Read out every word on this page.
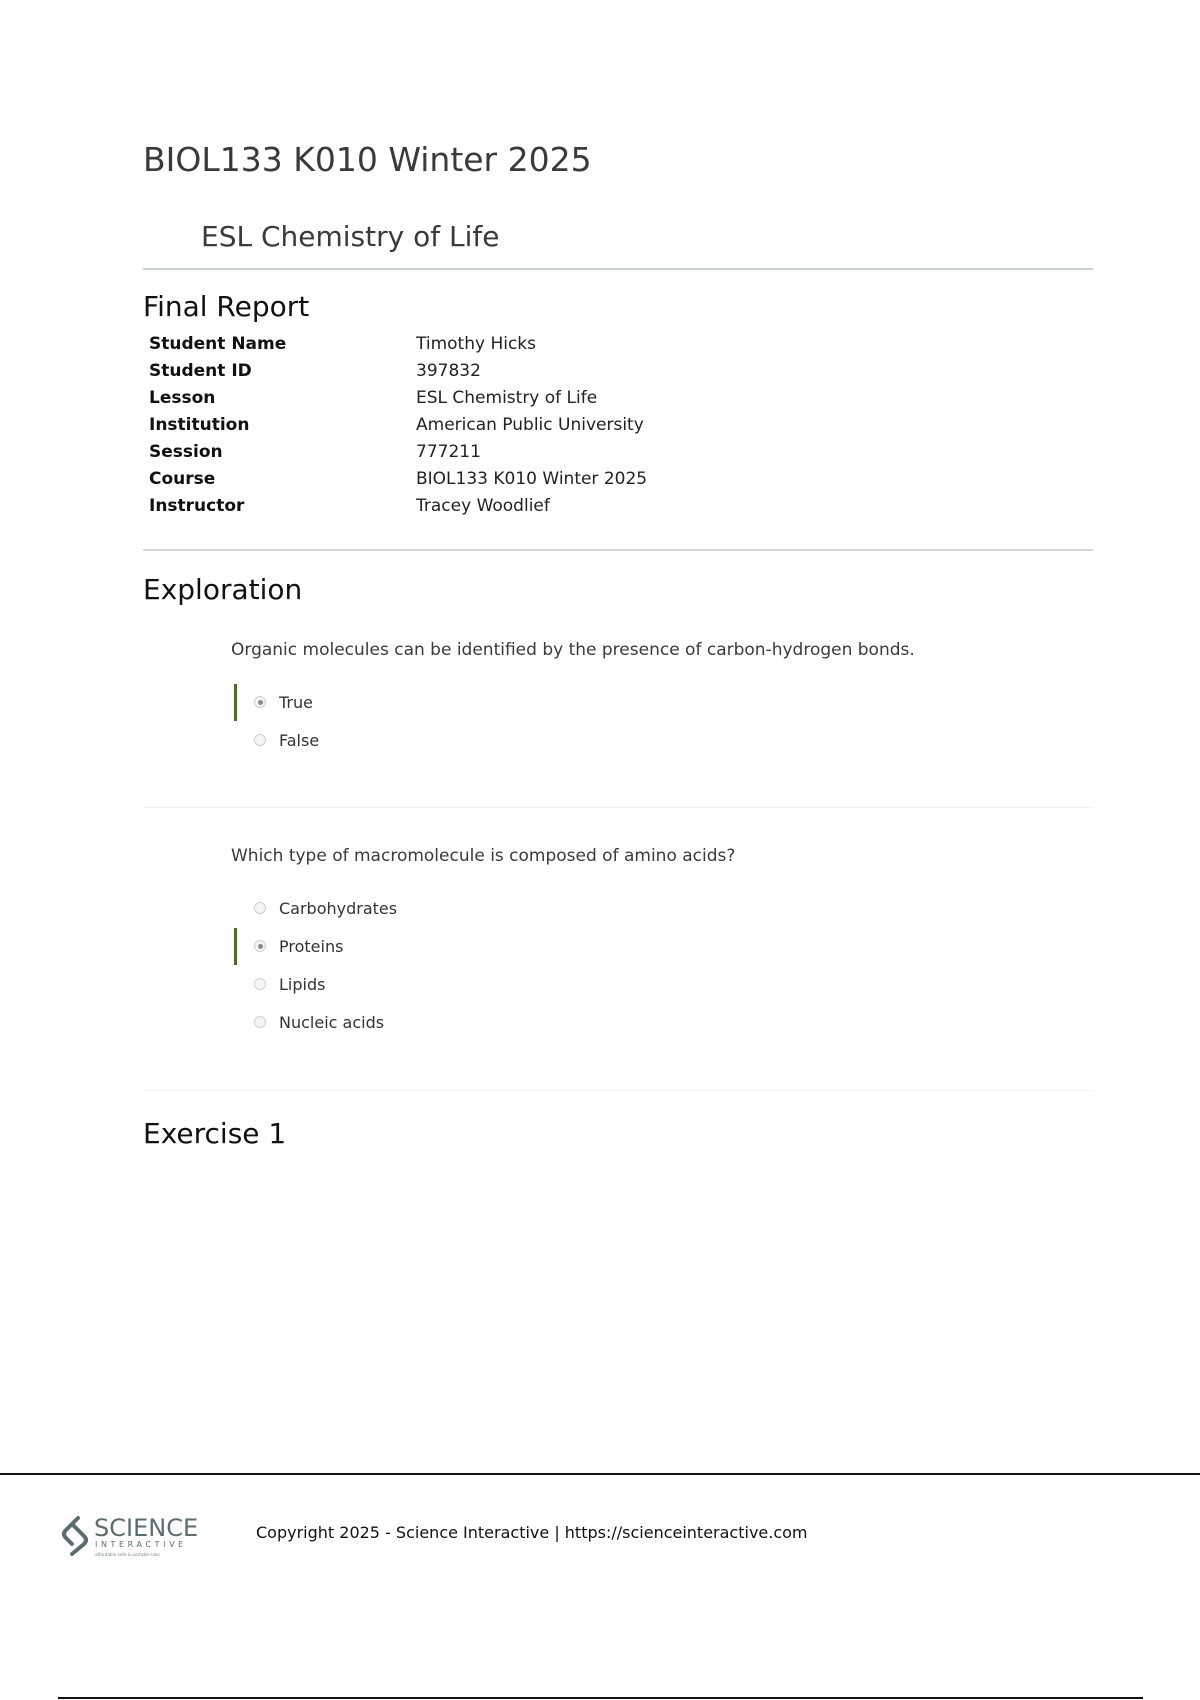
BIOL133 K010 Winter 2025
ESL Chemistry of Life
Final Report
Student Name	Timothy Hicks
Student ID	397832
Lesson	ESL Chemistry of Life
Institution	American Public University
Session	777211
Course	BIOL133 K010 Winter 2025
Instructor	Tracey Woodlief
Exploration

Organic molecules can be identified by the presence of carbon-hydrogen bonds.

True
False

Which type of macromolecule is composed of amino acids?

Carbohydrates
Proteins
Lipids
Nucleic acids
Exercise 1
SCIENCE
INTERACTIVE
affordable safe & portable labs

Copyright 2025 - Science Interactive | https://scienceinteractive.com
